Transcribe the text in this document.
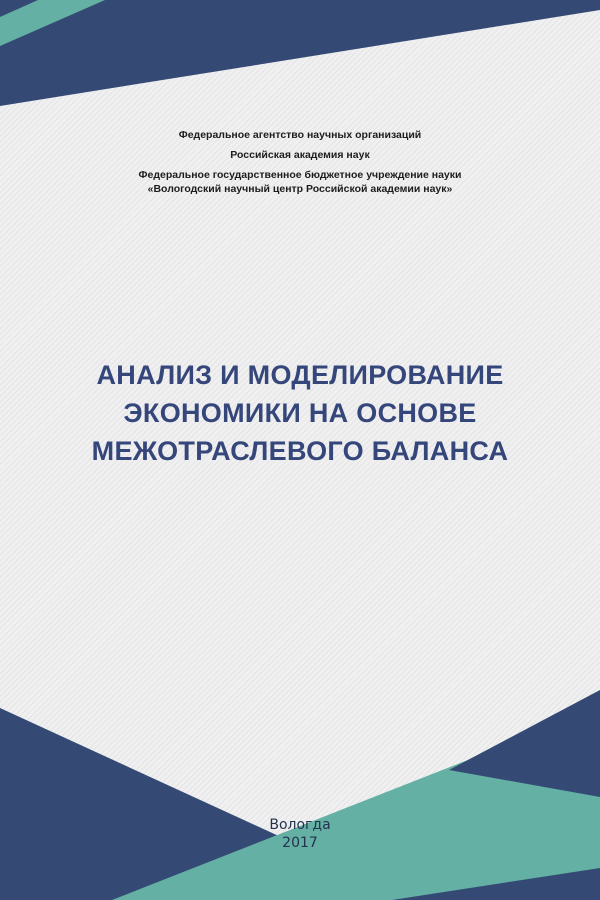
Федеральное агентство научных организаций
Российская академия наук
Федеральное государственное бюджетное учреждение науки
«Вологодский научный центр Российской академии наук»
АНАЛИЗ И МОДЕЛИРОВАНИЕ
ЭКОНОМИКИ НА ОСНОВЕ
МЕЖОТРАСЛЕВОГО БАЛАНСА
Вологда
2017
